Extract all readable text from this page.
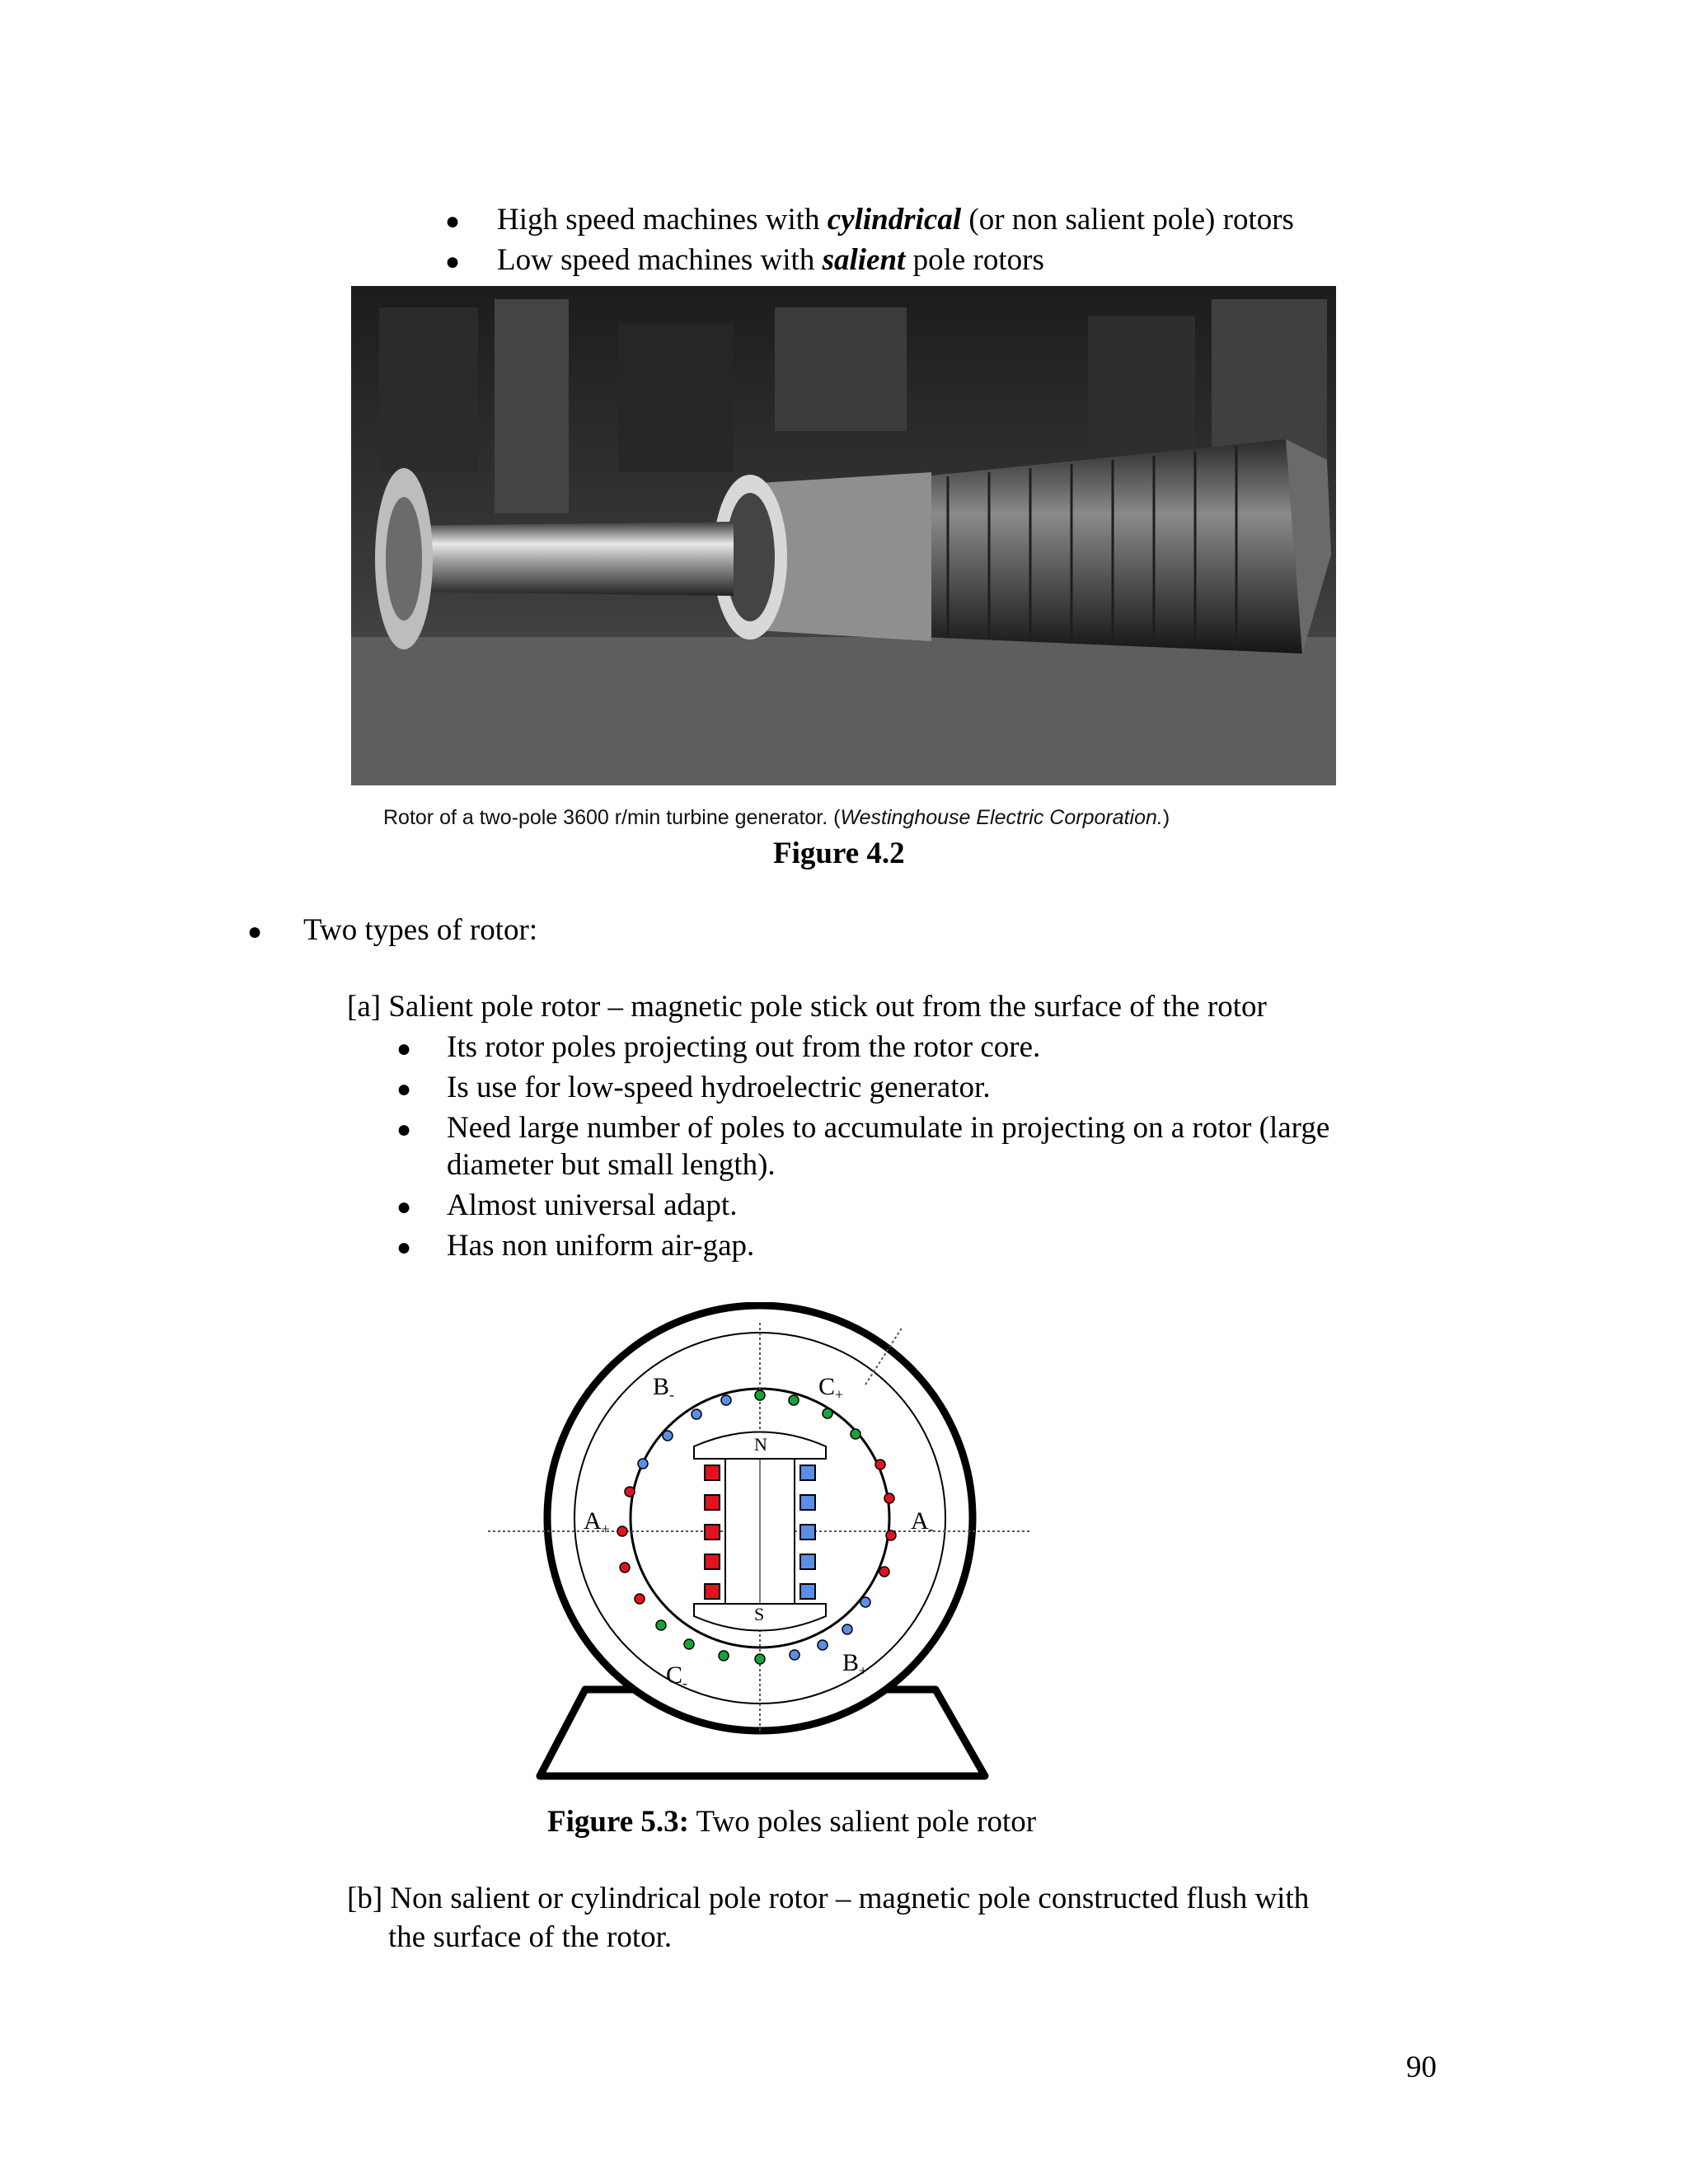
● High speed machines with cylindrical (or non salient pole) rotors
● Low speed machines with salient pole rotors
Rotor of a two-pole 3600 r/min turbine generator. (Westinghouse Electric Corporation.)
Figure 4.2
● Two types of rotor:
[a] Salient pole rotor – magnetic pole stick out from the surface of the rotor
● Its rotor poles projecting out from the rotor core.
● Is use for low-speed hydroelectric generator.
● Need large number of poles to accumulate in projecting on a rotor (large
diameter but small length).
● Almost universal adapt.
● Has non uniform air-gap.
N
S
$B_-$	$C_+$
$A_+$	$A_-$
$C_-$
$B_+$
Figure 5.3: Two poles salient pole rotor
[b] Non salient or cylindrical pole rotor – magnetic pole constructed flush with
the surface of the rotor.
90
